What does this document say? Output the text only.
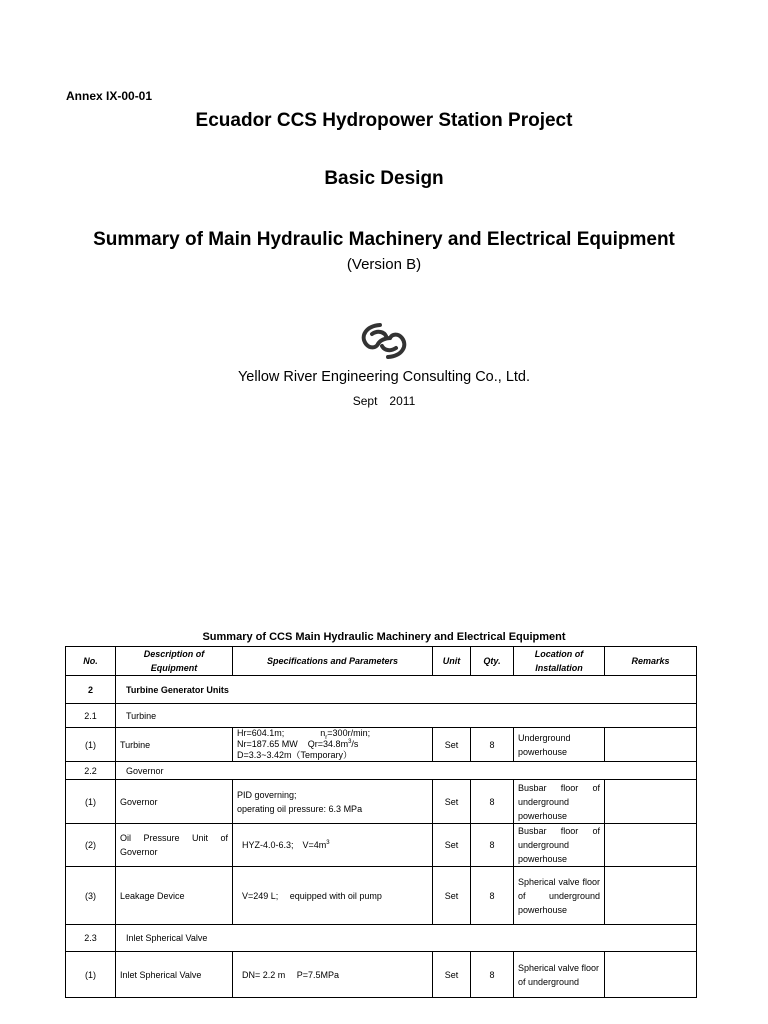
Annex IX-00-01
Ecuador CCS Hydropower Station Project
Basic Design
Summary of Main Hydraulic Machinery and Electrical Equipment
(Version B)
Yellow River Engineering Consulting Co., Ltd.
Sept　2011
Summary of CCS Main Hydraulic Machinery and Electrical Equipment
No.	Description of Equipment	Specifications and Parameters	Unit	Qty.	Location of Installation	Remarks
2	Turbine Generator Units					
2.1	Turbine					
(1)	Turbine	Hr=604.1m; $n_r=300r/\min$;
Nr=187.65 MW $Qr=34.8m^3/s$
D=3.3~3.42m（Temporary）	Set	8	Underground powerhouse	
2.2	Governor					
(1)	Governor	PID governing;
operating oil pressure: 6.3 MPa	Set	8	Busbar floor of underground powerhouse	
(2)	Oil Pressure Unit of Governor	HYZ-4.0-6.3;　$V=4m^3$	Set	8	Busbar floor of underground powerhouse	
(3)	Leakage Device	V=249 L;　 equipped with oil pump	Set	8	Spherical valve floor of underground powerhouse	
2.3	Inlet Spherical Valve					
(1)	Inlet Spherical Valve	DN= 2.2 m　 P=7.5MPa	Set	8	Spherical valve floor of underground	
